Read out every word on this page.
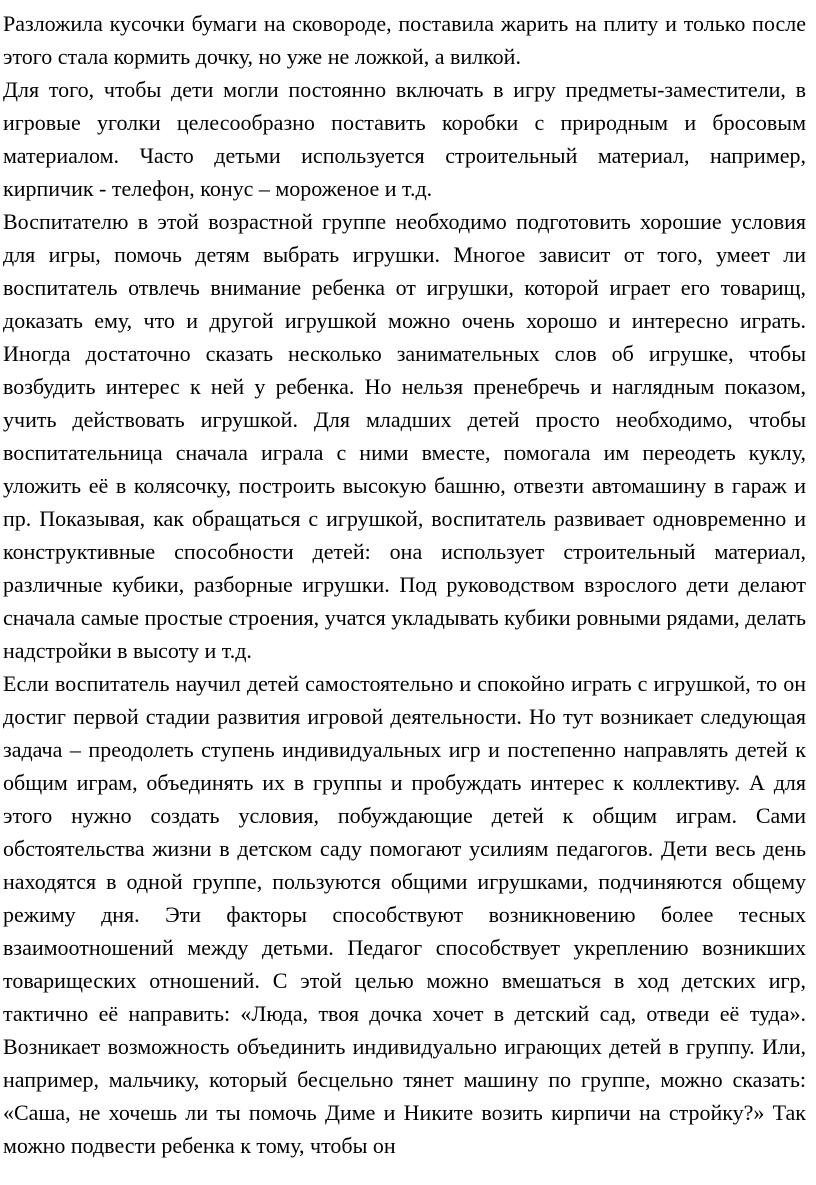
Разложила кусочки бумаги на сковороде, поставила жарить на плиту и только после этого стала кормить дочку, но уже не ложкой, а вилкой.

Для того, чтобы дети могли постоянно включать в игру предметы-заместители, в игровые уголки целесообразно поставить коробки с природным и бросовым материалом. Часто детьми используется строительный материал, например, кирпичик - телефон, конус – мороженое и т.д.

Воспитателю в этой возрастной группе необходимо подготовить хорошие условия для игры, помочь детям выбрать игрушки. Многое зависит от того, умеет ли воспитатель отвлечь внимание ребенка от игрушки, которой играет его товарищ, доказать ему, что и другой игрушкой можно очень хорошо и интересно играть. Иногда достаточно сказать несколько занимательных слов об игрушке, чтобы возбудить интерес к ней у ребенка. Но нельзя пренебречь и наглядным показом, учить действовать игрушкой. Для младших детей просто необходимо, чтобы воспитательница сначала играла с ними вместе, помогала им переодеть куклу, уложить её в колясочку, построить высокую башню, отвезти автомашину в гараж и пр. Показывая, как обращаться с игрушкой, воспитатель развивает одновременно и конструктивные способности детей: она использует строительный материал, различные кубики, разборные игрушки. Под руководством взрослого дети делают сначала самые простые строения, учатся укладывать кубики ровными рядами, делать надстройки в высоту и т.д.

Если воспитатель научил детей самостоятельно и спокойно играть с игрушкой, то он достиг первой стадии развития игровой деятельности. Но тут возникает следующая задача – преодолеть ступень индивидуальных игр и постепенно направлять детей к общим играм, объединять их в группы и пробуждать интерес к коллективу. А для этого нужно создать условия, побуждающие детей к общим играм. Сами обстоятельства жизни в детском саду помогают усилиям педагогов. Дети весь день находятся в одной группе, пользуются общими игрушками, подчиняются общему режиму дня. Эти факторы способствуют возникновению более тесных взаимоотношений между детьми. Педагог способствует укреплению возникших товарищеских отношений. С этой целью можно вмешаться в ход детских игр, тактично её направить: «Люда, твоя дочка хочет в детский сад, отведи её туда». Возникает возможность объединить индивидуально играющих детей в группу. Или, например, мальчику, который бесцельно тянет машину по группе, можно сказать: «Саша, не хочешь ли ты помочь Диме и Никите возить кирпичи на стройку?» Так можно подвести ребенка к тому, чтобы он
